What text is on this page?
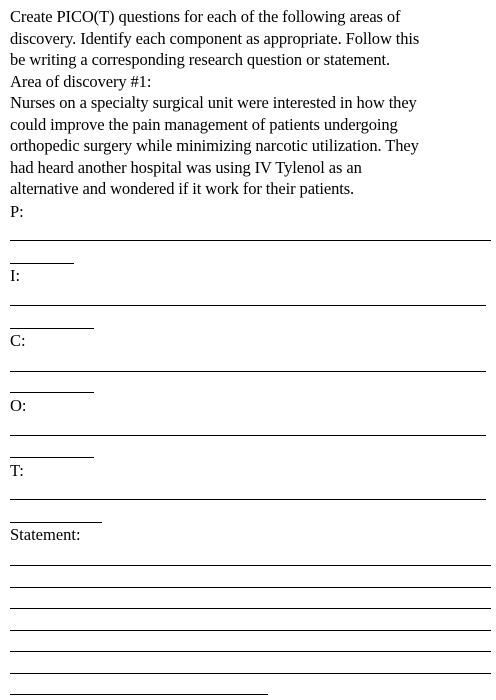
Create PICO(T) questions for each of the following areas of

discovery. Identify each component as appropriate. Follow this

be writing a corresponding research question or statement.

Area of discovery #1:

Nurses on a specialty surgical unit were interested in how they

could improve the pain management of patients undergoing

orthopedic surgery while minimizing narcotic utilization. They

had heard another hospital was using IV Tylenol as an

alternative and wondered if it work for their patients.

P:
I:
C:
O:
T:
Statement:
